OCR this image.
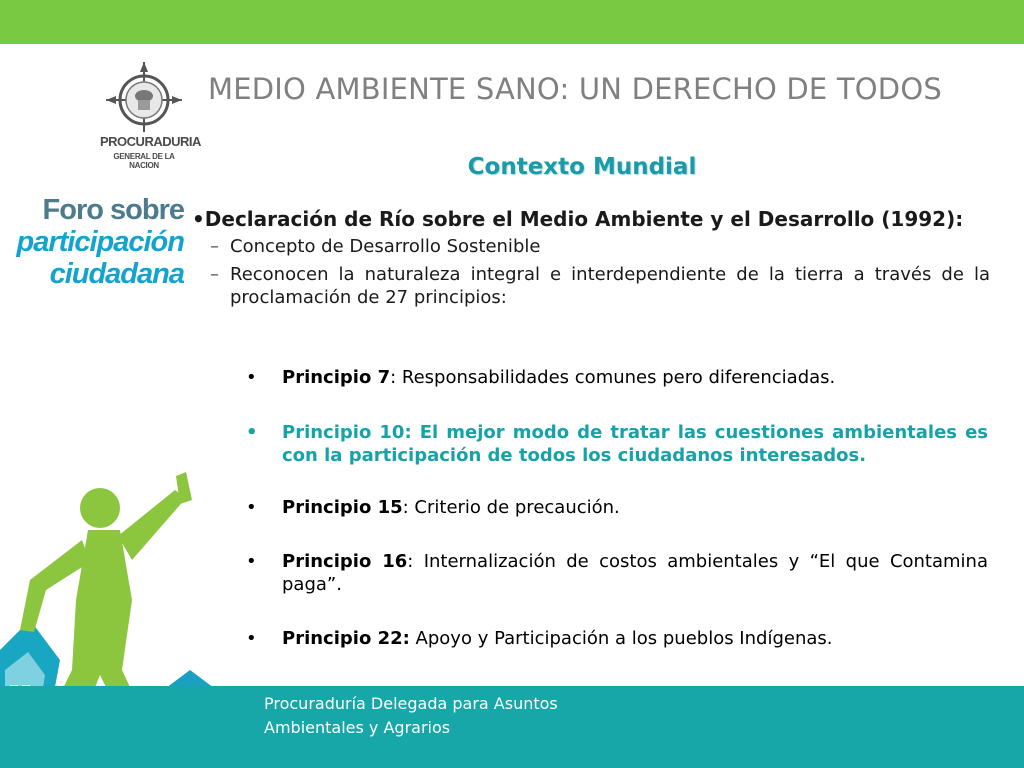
PROCURADURIA
GENERAL DE LA NACION
Foro sobre
participación
ciudadana
MEDIO AMBIENTE SANO: UN DERECHO DE TODOS
Contexto Mundial
•Declaración de Río sobre el Medio Ambiente y el Desarrollo (1992):
– Concepto de Desarrollo Sostenible
– Reconocen la naturaleza integral e interdependiente de la tierra a través de la proclamación de 27 principios:
• Principio 7: Responsabilidades comunes pero diferenciadas.
• Principio 10: El mejor modo de tratar las cuestiones ambientales es con la participación de todos los ciudadanos interesados.
• Principio 15: Criterio de precaución.
• Principio 16: Internalización de costos ambientales y “El que Contamina paga”.
• Principio 22: Apoyo y Participación a los pueblos Indígenas.
Procuraduría Delegada para Asuntos
Ambientales y Agrarios
